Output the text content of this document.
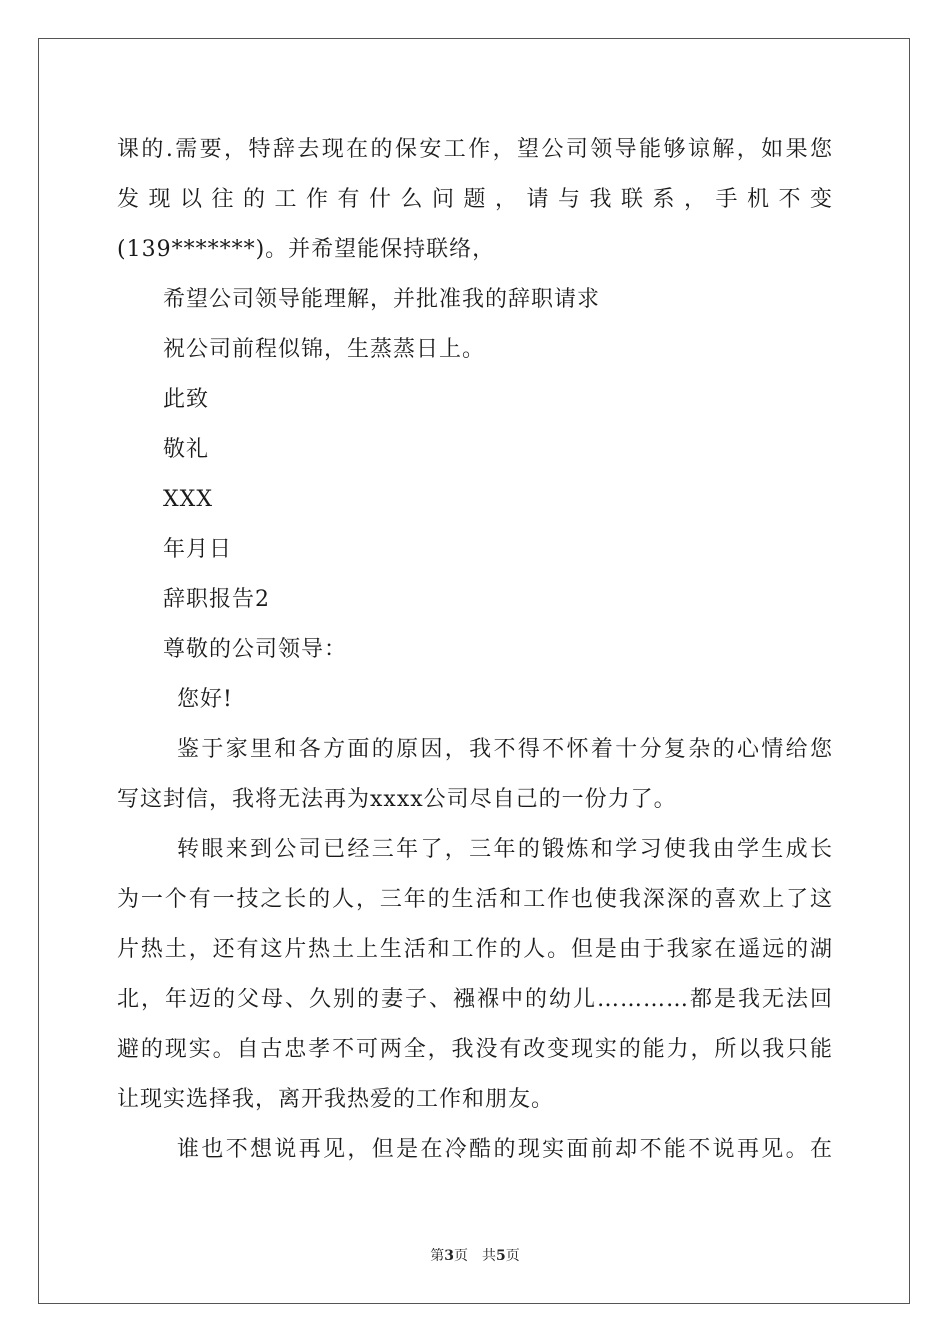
课的.需要，特辞去现在的保安工作，望公司领导能够谅解，如果您
发现以往的工作有什么问题，请与我联系，手机不变
(139*******)。并希望能保持联络，
希望公司领导能理解，并批准我的辞职请求
祝公司前程似锦，生蒸蒸日上。
此致
敬礼
XXX
年月日
辞职报告2
尊敬的公司领导：
您好!
鉴于家里和各方面的原因，我不得不怀着十分复杂的心情给您
写这封信，我将无法再为xxxx公司尽自己的一份力了。
转眼来到公司已经三年了，三年的锻炼和学习使我由学生成长
为一个有一技之长的人，三年的生活和工作也使我深深的喜欢上了这
片热土，还有这片热土上生活和工作的人。但是由于我家在遥远的湖
北，年迈的父母、久别的妻子、襁褓中的幼儿…………都是我无法回
避的现实。自古忠孝不可两全，我没有改变现实的能力，所以我只能
让现实选择我，离开我热爱的工作和朋友。
谁也不想说再见，但是在冷酷的现实面前却不能不说再见。在
第3页　共5页
